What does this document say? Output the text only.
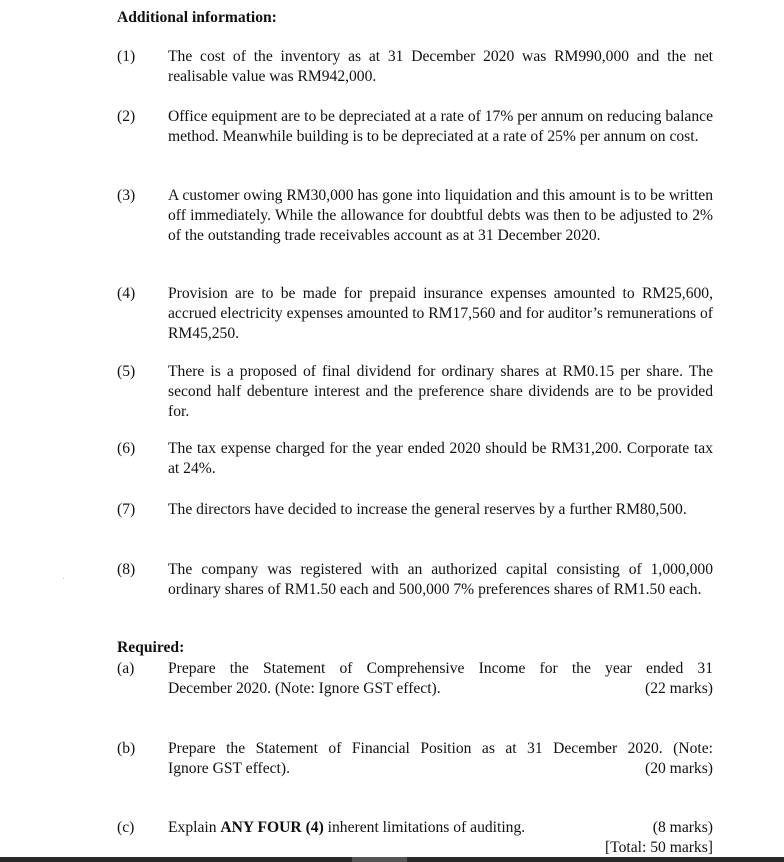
Additional information:
(1) The cost of the inventory as at 31 December 2020 was RM990,000 and the net realisable value was RM942,000.
(2) Office equipment are to be depreciated at a rate of 17% per annum on reducing balance method. Meanwhile building is to be depreciated at a rate of 25% per annum on cost.
(3) A customer owing RM30,000 has gone into liquidation and this amount is to be written off immediately. While the allowance for doubtful debts was then to be adjusted to 2% of the outstanding trade receivables account as at 31 December 2020.
(4) Provision are to be made for prepaid insurance expenses amounted to RM25,600, accrued electricity expenses amounted to RM17,560 and for auditor’s remunerations of RM45,250.
(5) There is a proposed of final dividend for ordinary shares at RM0.15 per share. The second half debenture interest and the preference share dividends are to be provided for.
(6) The tax expense charged for the year ended 2020 should be RM31,200. Corporate tax at 24%.
(7) The directors have decided to increase the general reserves by a further RM80,500.
(8) The company was registered with an authorized capital consisting of 1,000,000 ordinary shares of RM1.50 each and 500,000 7% preferences shares of RM1.50 each.
·
Required:
(a) Prepare the Statement of Comprehensive Income for the year ended 31
December 2020. (Note: Ignore GST effect).	(22 marks)
(b) Prepare the Statement of Financial Position as at 31 December 2020. (Note:
Ignore GST effect).	(20 marks)
(c) Explain ANY FOUR (4) inherent limitations of auditing.	(8 marks)
[Total: 50 marks]
